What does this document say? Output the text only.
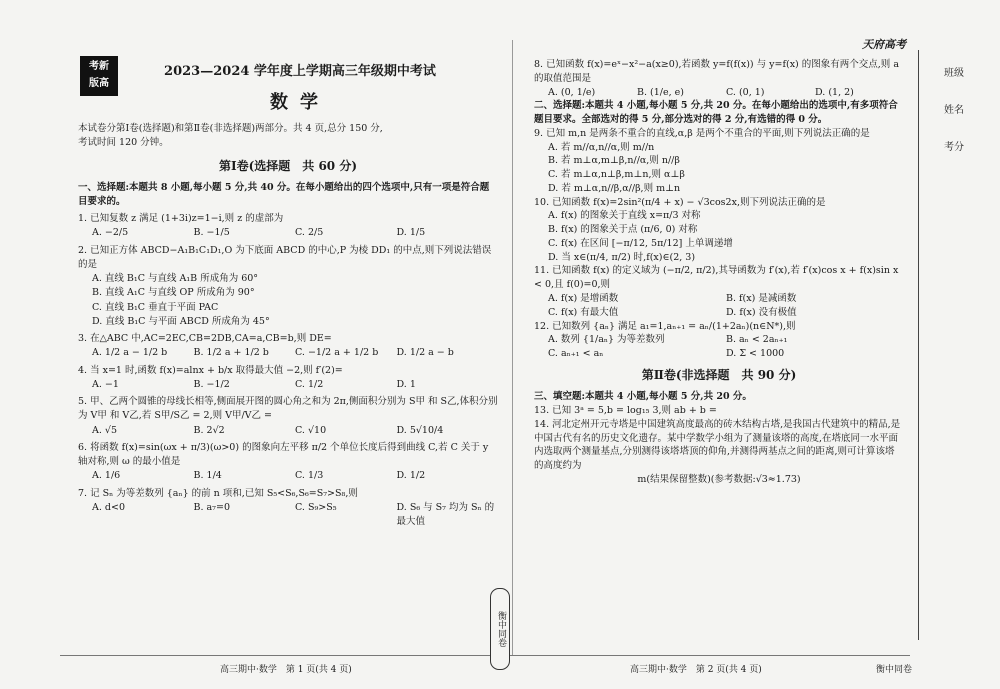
考新
版高
2023—2024 学年度上学期高三年级期中考试
数学
天府高考
本试卷分第Ⅰ卷(选择题)和第Ⅱ卷(非选择题)两部分。共 4 页,总分 150 分,
考试时间 120 分钟。
第Ⅰ卷(选择题　共 60 分)
一、选择题:本题共 8 小题,每小题 5 分,共 40 分。在每小题给出的四个选项中,只有一项是符合题目要求的。
1. 已知复数 z 满足 (1+3i)z=1−i,则 z 的虚部为
A. −2/5	B. −1/5	C. 2/5	D. 1/5
2. 已知正方体 ABCD−A₁B₁C₁D₁,O 为下底面 ABCD 的中心,P 为棱 DD₁ 的中点,则下列说法错误的是
A. 直线 B₁C 与直线 A₁B 所成角为 60°
B. 直线 A₁C 与直线 OP 所成角为 90°
C. 直线 B₁C 垂直于平面 PAC
D. 直线 B₁C 与平面 ABCD 所成角为 45°
3. 在△ABC 中,AC=2EC,CB=2DB,CA=a,CB=b,则 DE=
A. 1/2 a − 1/2 b	B. 1/2 a + 1/2 b	C. −1/2 a + 1/2 b	D. 1/2 a − b
4. 当 x=1 时,函数 f(x)=alnx + b/x 取得最大值 −2,则 f′(2)=
A. −1	B. −1/2	C. 1/2	D. 1
5. 甲、乙两个圆锥的母线长相等,侧面展开图的圆心角之和为 2π,侧面积分别为 S甲 和 S乙,体积分别为 V甲 和 V乙,若 S甲/S乙 = 2,则 V甲/V乙 =
A. √5	B. 2√2	C. √10	D. 5√10/4
6. 将函数 f(x)=sin(ωx + π/3)(ω>0) 的图象向左平移 π/2 个单位长度后得到曲线 C,若 C 关于 y 轴对称,则 ω 的最小值是
A. 1/6	B. 1/4	C. 1/3	D. 1/2
7. 记 Sₙ 为等差数列 {aₙ} 的前 n 项和,已知 S₅<S₆,S₆=S₇>S₈,则
A. d<0	B. a₇=0	C. S₉>S₅	D. S₆ 与 S₇ 均为 Sₙ 的最大值
8. 已知函数 f(x)=eˣ−x²−a(x≥0),若函数 y=f(f(x)) 与 y=f(x) 的图象有两个交点,则 a 的取值范围是
A. (0, 1/e)	B. (1/e, e)	C. (0, 1)	D. (1, 2)
二、选择题:本题共 4 小题,每小题 5 分,共 20 分。在每小题给出的选项中,有多项符合题目要求。全部选对的得 5 分,部分选对的得 2 分,有选错的得 0 分。
9. 已知 m,n 是两条不重合的直线,α,β 是两个不重合的平面,则下列说法正确的是
A. 若 m//α,n//α,则 m//n
B. 若 m⊥α,m⊥β,n//α,则 n//β
C. 若 m⊥α,n⊥β,m⊥n,则 α⊥β
D. 若 m⊥α,n//β,α//β,则 m⊥n
10. 已知函数 f(x)=2sin²(π/4 + x) − √3cos2x,则下列说法正确的是
A. f(x) 的图象关于直线 x=π/3 对称
B. f(x) 的图象关于点 (π/6, 0) 对称
C. f(x) 在区间 [−π/12, 5π/12] 上单调递增
D. 当 x∈(π/4, π/2) 时,f(x)∈(2, 3)
11. 已知函数 f(x) 的定义域为 (−π/2, π/2),其导函数为 f′(x),若 f′(x)cos x + f(x)sin x < 0,且 f(0)=0,则
A. f(x) 是增函数	B. f(x) 是减函数
C. f(x) 有最大值	D. f(x) 没有极值
12. 已知数列 {aₙ} 满足 a₁=1,aₙ₊₁ = aₙ/(1+2aₙ)(n∈N*),则
A. 数列 {1/aₙ} 为等差数列	B. aₙ < 2aₙ₊₁
C. aₙ₊₁ < aₙ	D. Σ < 1000
第Ⅱ卷(非选择题　共 90 分)
三、填空题:本题共 4 小题,每小题 5 分,共 20 分。
13. 已知 3ᵃ = 5,b = log₁₅ 3,则 ab + b =
14. 河北定州开元寺塔是中国建筑高度最高的砖木结构古塔,是我国古代建筑中的精品,是中国古代有名的历史文化遗存。某中学数学小组为了测量该塔的高度,在塔底同一水平面内选取两个测量基点,分别测得该塔塔顶的仰角,并测得两基点之间的距离,则可计算该塔的高度约为
m(结果保留整数)(参考数据:√3≈1.73)
班级
姓名
考分
衡中同卷
高三期中·数学　第 1 页(共 4 页)	高三期中·数学　第 2 页(共 4 页)	衡中同卷
